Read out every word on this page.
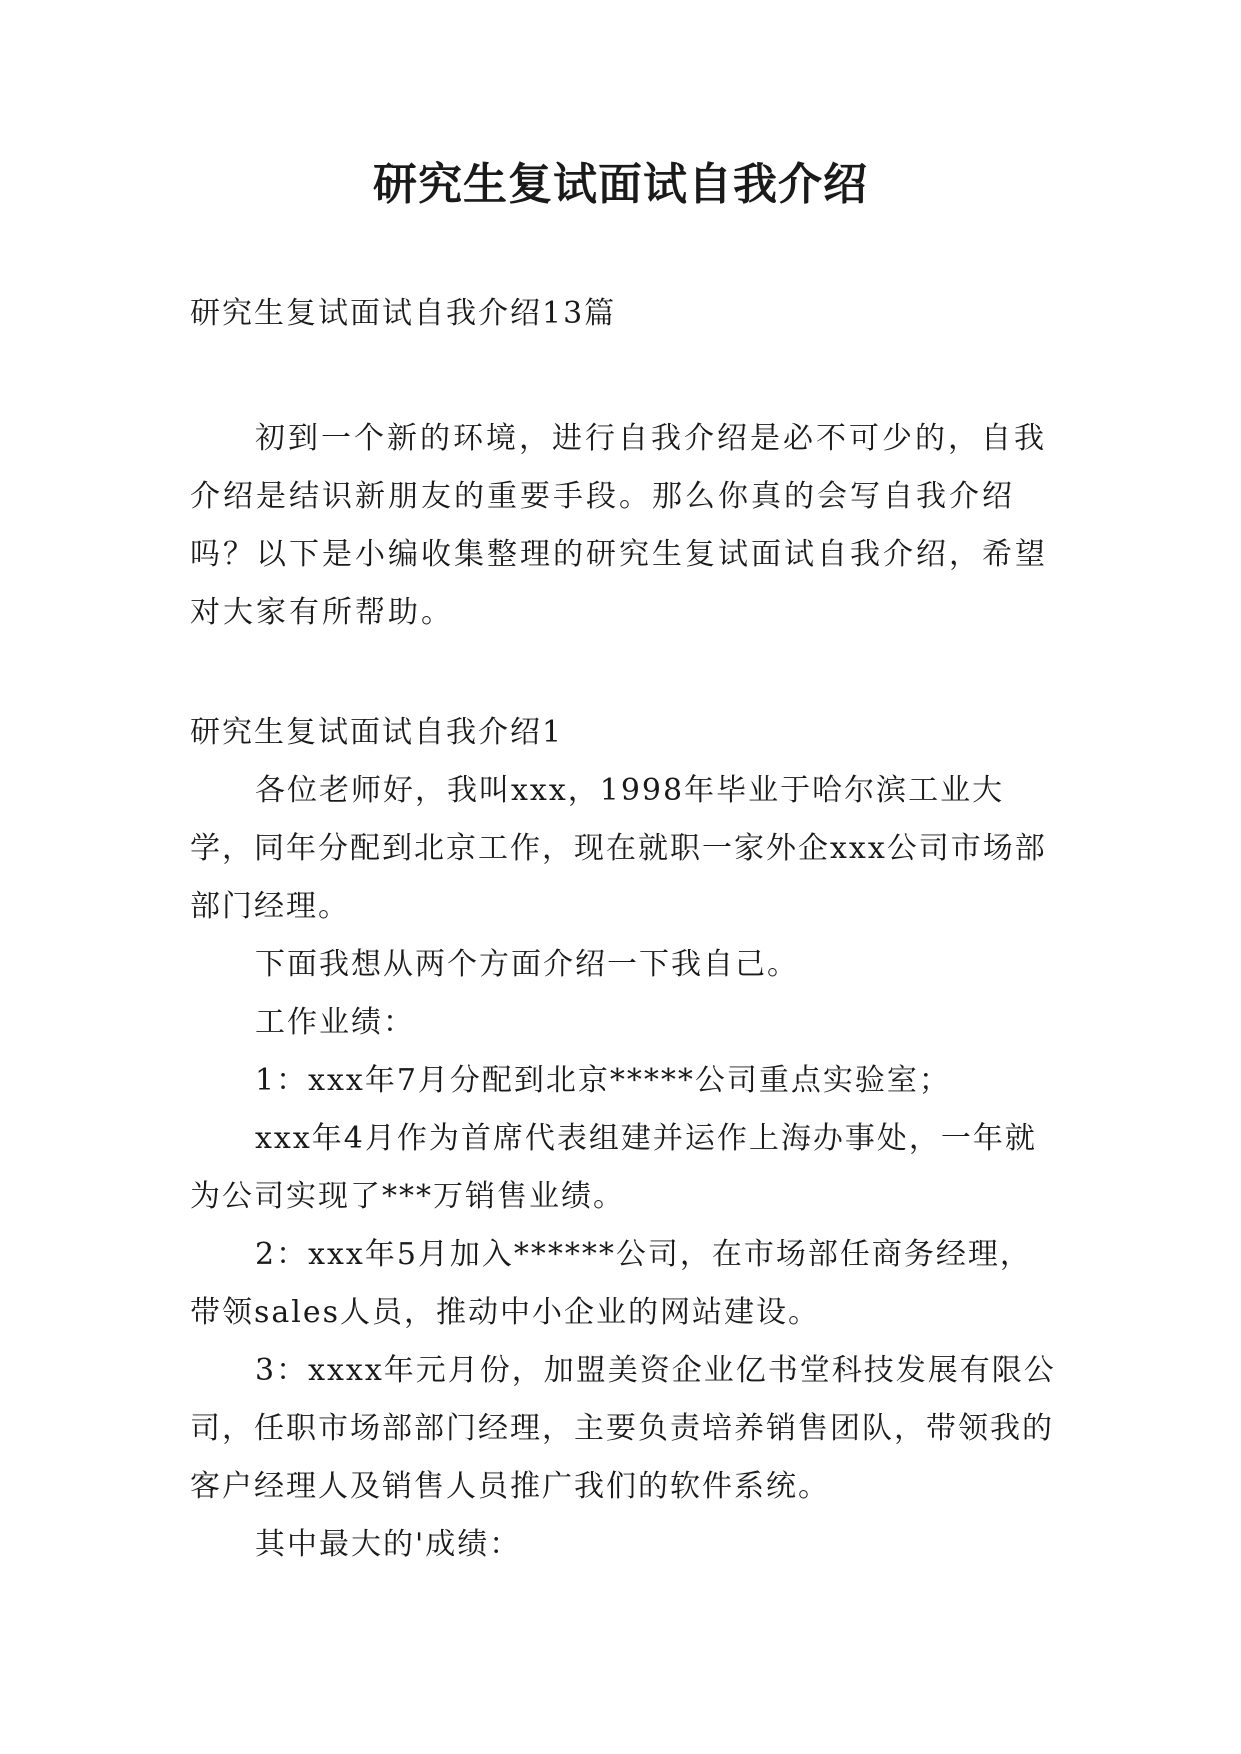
研究生复试面试自我介绍

研究生复试面试自我介绍13篇

初到一个新的环境，进行自我介绍是必不可少的，自我介绍是结识新朋友的重要手段。那么你真的会写自我介绍吗？以下是小编收集整理的研究生复试面试自我介绍，希望对大家有所帮助。

研究生复试面试自我介绍1

各位老师好，我叫xxx，1998年毕业于哈尔滨工业大学，同年分配到北京工作，现在就职一家外企xxx公司市场部部门经理。

下面我想从两个方面介绍一下我自己。

工作业绩：

1：xxx年7月分配到北京*****公司重点实验室；

xxx年4月作为首席代表组建并运作上海办事处，一年就为公司实现了***万销售业绩。

2：xxx年5月加入******公司，在市场部任商务经理，带领sales人员，推动中小企业的网站建设。

3：xxxx年元月份，加盟美资企业亿书堂科技发展有限公司，任职市场部部门经理，主要负责培养销售团队，带领我的客户经理人及销售人员推广我们的软件系统。

其中最大的'成绩：
